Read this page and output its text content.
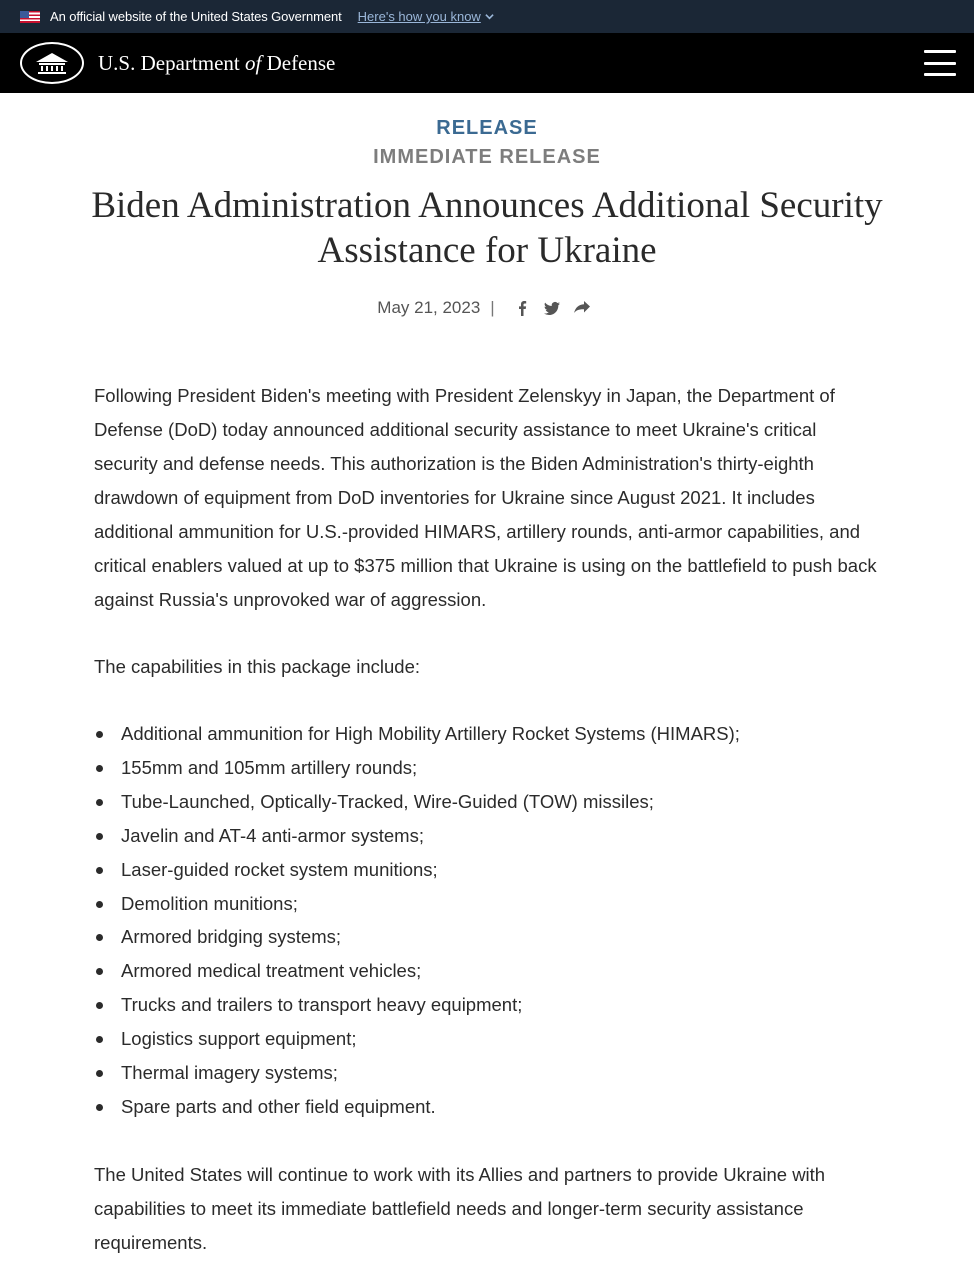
An official website of the United States Government Here's how you know
U.S. Department of Defense
RELEASE
IMMEDIATE RELEASE
Biden Administration Announces Additional Security Assistance for Ukraine
May 21, 2023 |

Following President Biden's meeting with President Zelenskyy in Japan, the Department of Defense (DoD) today announced additional security assistance to meet Ukraine's critical security and defense needs. This authorization is the Biden Administration's thirty-eighth drawdown of equipment from DoD inventories for Ukraine since August 2021. It includes additional ammunition for U.S.-provided HIMARS, artillery rounds, anti-armor capabilities, and critical enablers valued at up to $375 million that Ukraine is using on the battlefield to push back against Russia's unprovoked war of aggression.

The capabilities in this package include:

Additional ammunition for High Mobility Artillery Rocket Systems (HIMARS);
155mm and 105mm artillery rounds;
Tube-Launched, Optically-Tracked, Wire-Guided (TOW) missiles;
Javelin and AT-4 anti-armor systems;
Laser-guided rocket system munitions;
Demolition munitions;
Armored bridging systems;
Armored medical treatment vehicles;
Trucks and trailers to transport heavy equipment;
Logistics support equipment;
Thermal imagery systems;
Spare parts and other field equipment.

The United States will continue to work with its Allies and partners to provide Ukraine with capabilities to meet its immediate battlefield needs and longer-term security assistance requirements.
